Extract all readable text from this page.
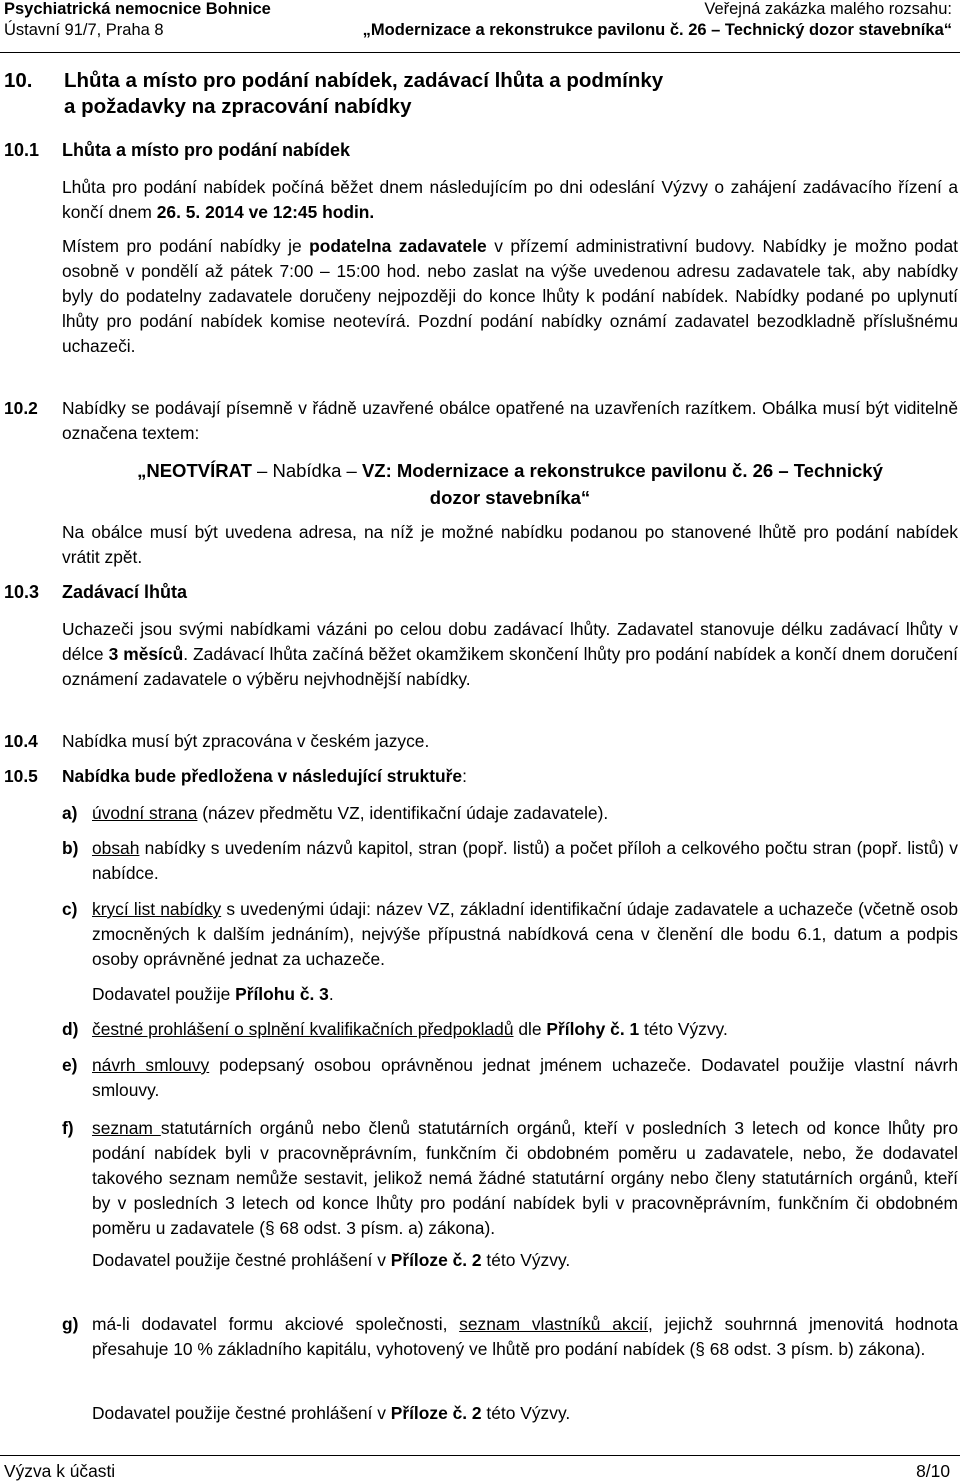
Psychiatrická nemocnice Bohnice
Ústavní 91/7, Praha 8
Veřejná zakázka malého rozsahu:
„Modernizace a rekonstrukce pavilonu č. 26 – Technický dozor stavebníka“
10. Lhůta a místo pro podání nabídek, zadávací lhůta a podmínky
a požadavky na zpracování nabídky
10.1 Lhůta a místo pro podání nabídek
Lhůta pro podání nabídek počíná běžet dnem následujícím po dni odeslání Výzvy o zahájení zadávacího řízení a končí dnem 26. 5. 2014 ve 12:45 hodin.
Místem pro podání nabídky je podatelna zadavatele v přízemí administrativní budovy. Nabídky je možno podat osobně v pondělí až pátek 7:00 – 15:00 hod. nebo zaslat na výše uvedenou adresu zadavatele tak, aby nabídky byly do podatelny zadavatele doručeny nejpozději do konce lhůty k podání nabídek. Nabídky podané po uplynutí lhůty pro podání nabídek komise neotevírá. Pozdní podání nabídky oznámí zadavatel bezodkladně příslušnému uchazeči.
10.2 Nabídky se podávají písemně v řádně uzavřené obálce opatřené na uzavřeních razítkem. Obálka musí být viditelně označena textem:
„NEOTVÍRAT – Nabídka – VZ: Modernizace a rekonstrukce pavilonu č. 26 – Technický
dozor stavebníka“
Na obálce musí být uvedena adresa, na níž je možné nabídku podanou po stanovené lhůtě pro podání nabídek vrátit zpět.
10.3 Zadávací lhůta
Uchazeči jsou svými nabídkami vázáni po celou dobu zadávací lhůty. Zadavatel stanovuje délku zadávací lhůty v délce 3 měsíců. Zadávací lhůta začíná běžet okamžikem skončení lhůty pro podání nabídek a končí dnem doručení oznámení zadavatele o výběru nejvhodnější nabídky.
10.4 Nabídka musí být zpracována v českém jazyce.
10.5 Nabídka bude předložena v následující struktuře:
a) úvodní strana (název předmětu VZ, identifikační údaje zadavatele).
b) obsah nabídky s uvedením názvů kapitol, stran (popř. listů) a počet příloh a celkového počtu stran (popř. listů) v nabídce.
c) krycí list nabídky s uvedenými údaji: název VZ, základní identifikační údaje zadavatele a uchazeče (včetně osob zmocněných k dalším jednáním), nejvýše přípustná nabídková cena v členění dle bodu 6.1, datum a podpis osoby oprávněné jednat za uchazeče.
Dodavatel použije Přílohu č. 3.
d) čestné prohlášení o splnění kvalifikačních předpokladů dle Přílohy č. 1 této Výzvy.
e) návrh smlouvy podepsaný osobou oprávněnou jednat jménem uchazeče. Dodavatel použije vlastní návrh smlouvy.
f) seznam statutárních orgánů nebo členů statutárních orgánů, kteří v posledních 3 letech od konce lhůty pro podání nabídek byli v pracovněprávním, funkčním či obdobném poměru u zadavatele, nebo, že dodavatel takového seznam nemůže sestavit, jelikož nemá žádné statutární orgány nebo členy statutárních orgánů, kteří by v posledních 3 letech od konce lhůty pro podání nabídek byli v pracovněprávním, funkčním či obdobném poměru u zadavatele (§ 68 odst. 3 písm. a) zákona).
Dodavatel použije čestné prohlášení v Příloze č. 2 této Výzvy.
g) má-li dodavatel formu akciové společnosti, seznam vlastníků akcií, jejichž souhrnná jmenovitá hodnota přesahuje 10 % základního kapitálu, vyhotovený ve lhůtě pro podání nabídek (§ 68 odst. 3 písm. b) zákona).
Dodavatel použije čestné prohlášení v Příloze č. 2 této Výzvy.
Výzva k účasti	8/10
